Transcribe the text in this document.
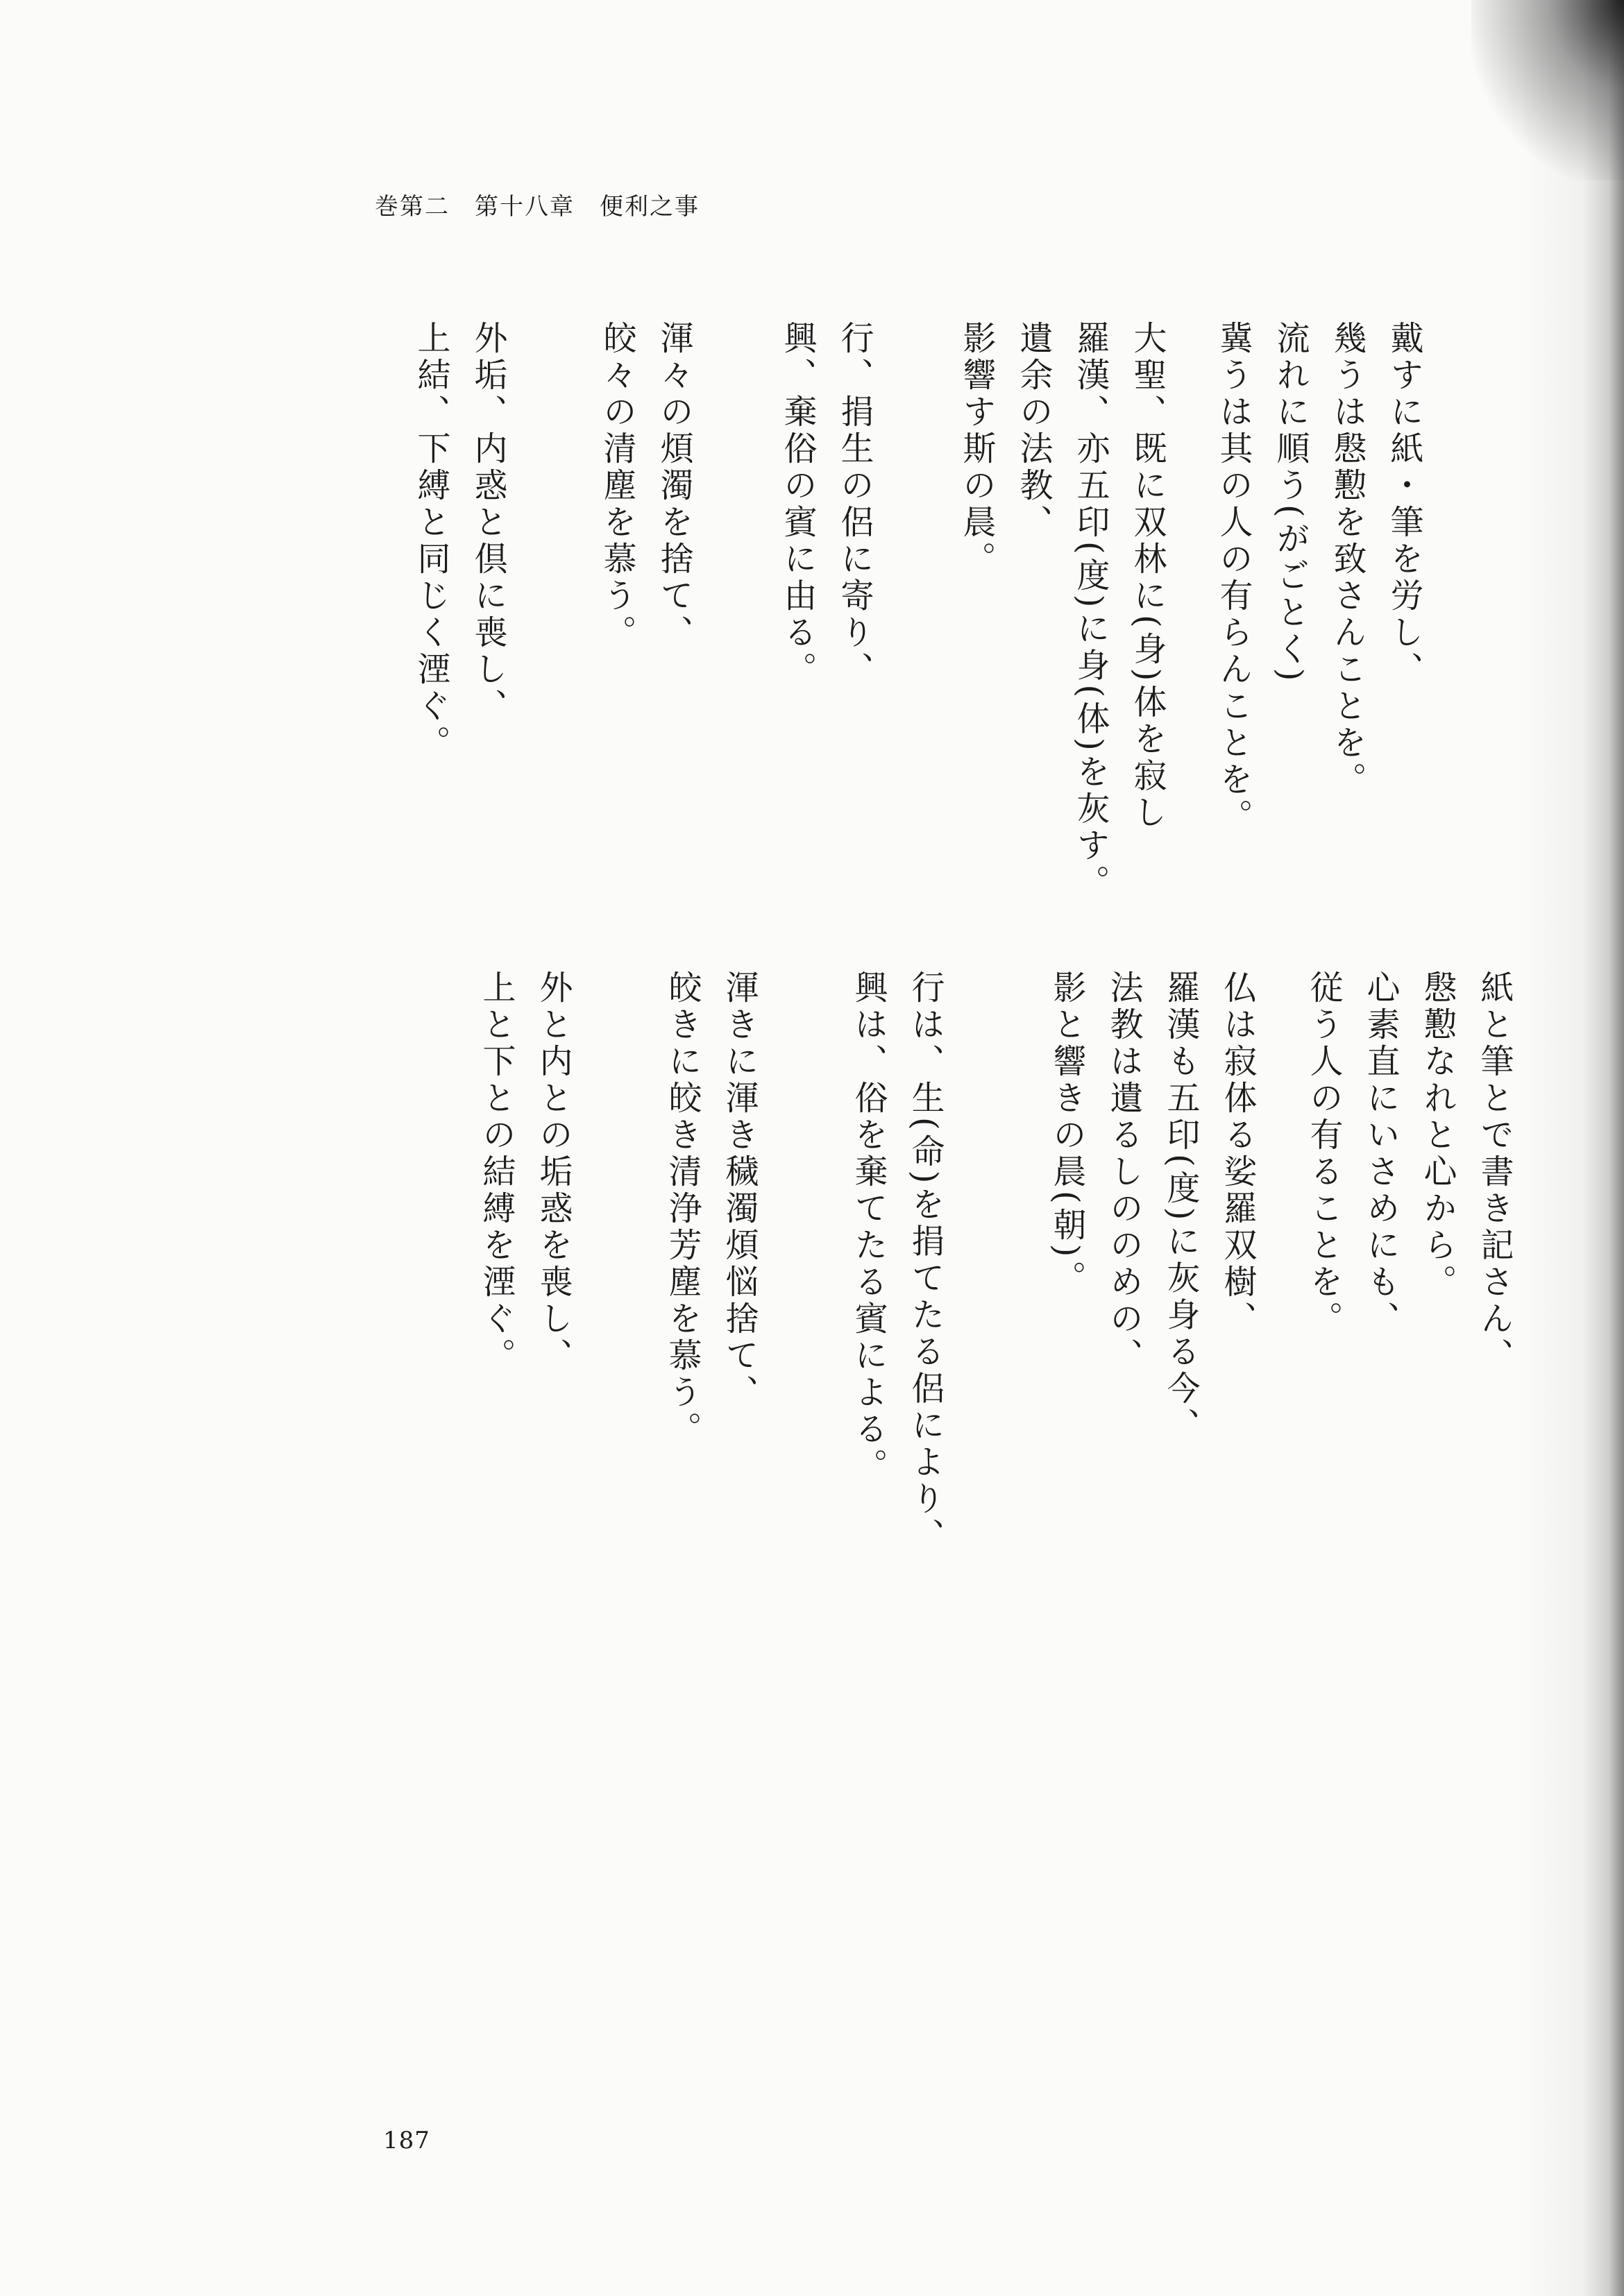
巻第二　第十八章　便利之事
戴すに紙・筆を労し、
幾うは慇懃を致さんことを。
流れに順う(がごとく)
冀うは其の人の有らんことを。
大聖、既に双林に(身)体を寂し
羅漢、亦五印(度)に身(体)を灰す。
遺余の法教、
影響す斯の晨。
行、捐生の侶に寄り、
興、棄俗の賓に由る。
渾々の煩濁を捨て、
皎々の清塵を慕う。
外垢、内惑と倶に喪し、
上結、下縛と同じく湮ぐ。
紙と筆とで書き記さん、
慇懃なれと心から。
心素直にいさめにも、
従う人の有ることを。
仏は寂体る娑羅双樹、
羅漢も五印(度)に灰身る今、
法教は遺るしののめの、
影と響きの晨(朝)。
行は、生(命)を捐てたる侶により、
興は、俗を棄てたる賓による。
渾きに渾き穢濁煩悩捨て、
皎きに皎き清浄芳塵を慕う。
外と内との垢惑を喪し、
上と下との結縛を湮ぐ。
187
